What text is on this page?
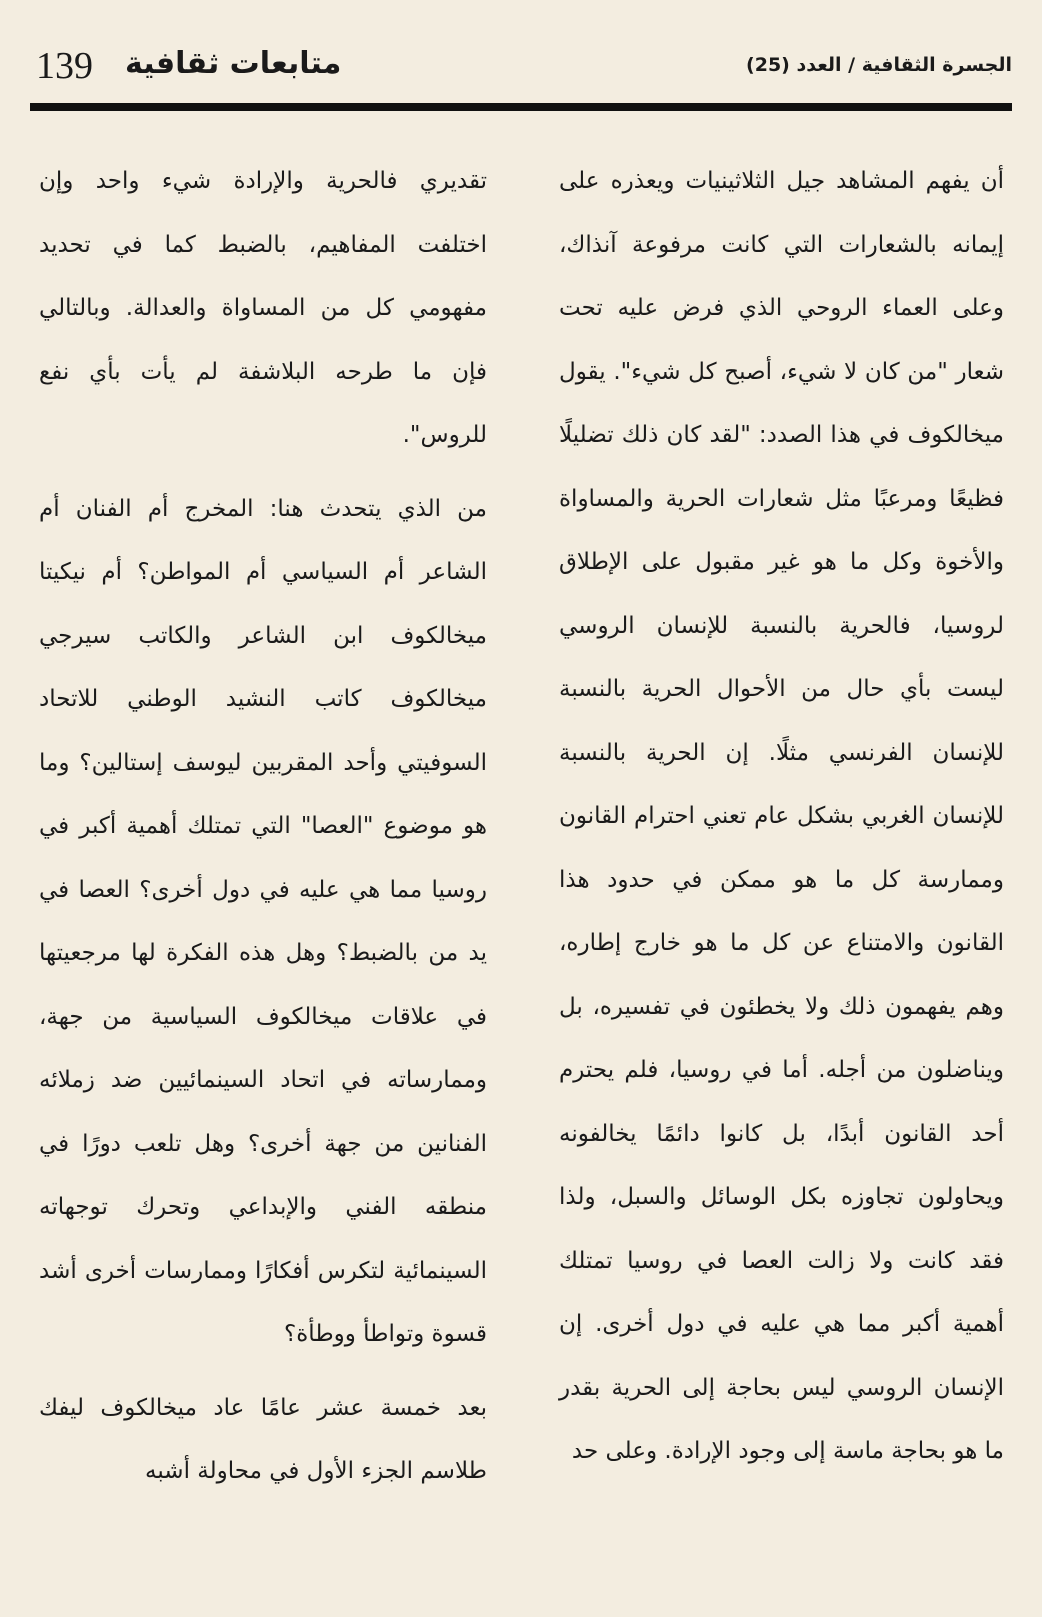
الجسرة الثقافية / العدد (25)
متابعات ثقافية
139

أن يفهم المشاهد جيل الثلاثينيات ويعذره على إيمانه بالشعارات التي كانت مرفوعة آنذاك، وعلى العماء الروحي الذي فرض عليه تحت شعار "من كان لا شيء، أصبح كل شيء". يقول ميخالكوف في هذا الصدد: "لقد كان ذلك تضليلًا فظيعًا ومرعبًا مثل شعارات الحرية والمساواة والأخوة وكل ما هو غير مقبول على الإطلاق لروسيا، فالحرية بالنسبة للإنسان الروسي ليست بأي حال من الأحوال الحرية بالنسبة للإنسان الفرنسي مثلًا. إن الحرية بالنسبة للإنسان الغربي بشكل عام تعني احترام القانون وممارسة كل ما هو ممكن في حدود هذا القانون والامتناع عن كل ما هو خارج إطاره، وهم يفهمون ذلك ولا يخطئون في تفسيره، بل ويناضلون من أجله. أما في روسيا، فلم يحترم أحد القانون أبدًا، بل كانوا دائمًا يخالفونه ويحاولون تجاوزه بكل الوسائل والسبل، ولذا فقد كانت ولا زالت العصا في روسيا تمتلك أهمية أكبر مما هي عليه في دول أخرى. إن الإنسان الروسي ليس بحاجة إلى الحرية بقدر ما هو بحاجة ماسة إلى وجود الإرادة. وعلى حد

تقديري فالحرية والإرادة شيء واحد وإن اختلفت المفاهيم، بالضبط كما في تحديد مفهومي كل من المساواة والعدالة. وبالتالي فإن ما طرحه البلاشفة لم يأت بأي نفع للروس".

من الذي يتحدث هنا: المخرج أم الفنان أم الشاعر أم السياسي أم المواطن؟ أم نيكيتا ميخالكوف ابن الشاعر والكاتب سيرجي ميخالكوف كاتب النشيد الوطني للاتحاد السوفيتي وأحد المقربين ليوسف إستالين؟ وما هو موضوع "العصا" التي تمتلك أهمية أكبر في روسيا مما هي عليه في دول أخرى؟ العصا في يد من بالضبط؟ وهل هذه الفكرة لها مرجعيتها في علاقات ميخالكوف السياسية من جهة، وممارساته في اتحاد السينمائيين ضد زملائه الفنانين من جهة أخرى؟ وهل تلعب دورًا في منطقه الفني والإبداعي وتحرك توجهاته السينمائية لتكرس أفكارًا وممارسات أخرى أشد قسوة وتواطأ ووطأة؟

بعد خمسة عشر عامًا عاد ميخالكوف ليفك طلاسم الجزء الأول في محاولة أشبه
